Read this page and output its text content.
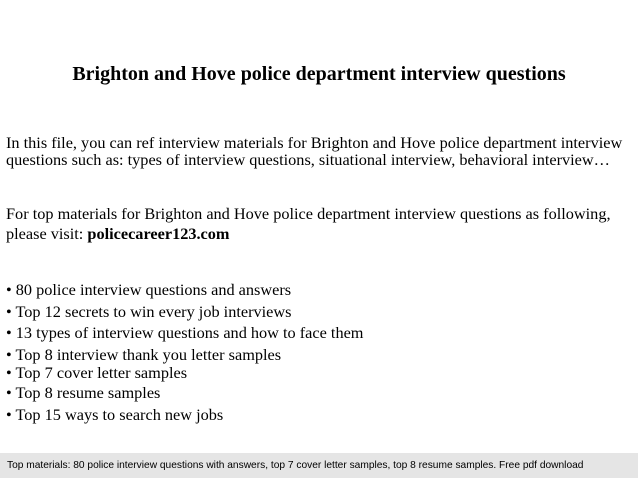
Brighton and Hove police department interview questions

In this file, you can ref interview materials for Brighton and Hove police department interview questions such as: types of interview questions, situational interview, behavioral interview…

For top materials for Brighton and Hove police department interview questions as following,
please visit: policecareer123.com

• 80 police interview questions and answers
• Top 12 secrets to win every job interviews
• 13 types of interview questions and how to face them
• Top 8 interview thank you letter samples
• Top 7 cover letter samples
• Top 8 resume samples
• Top 15 ways to search new jobs
Top materials: 80 police interview questions with answers, top 7 cover letter samples, top 8 resume samples. Free pdf download
